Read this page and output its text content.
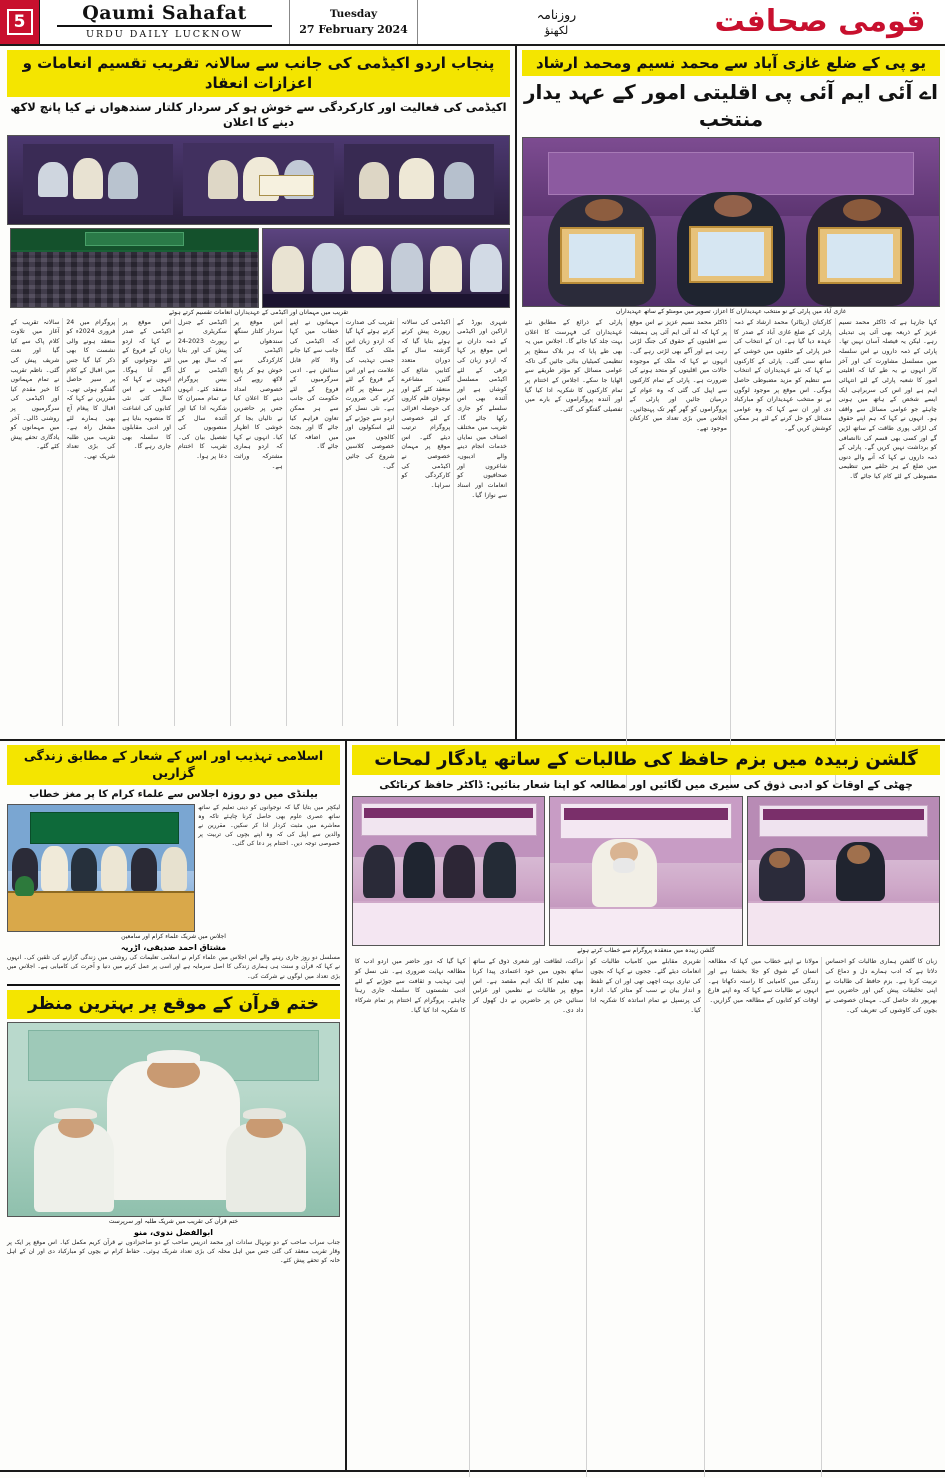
5	Qaumi Sahafat
URDU DAILY LUCKNOW
Tuesday
27 February 2024
روزنامہ
لکھنؤ	قومی صحافت
یو پی کے ضلع غازی آباد سے محمد نسیم ومحمد ارشاد
اے آئی ایم آئی پی اقلیتی امور کے عہد یدار منتخب
غازی آباد میں پارٹی کے نو منتخب عہدیداران کا اعزاز، تصویر میں مومنٹو کے ساتھ عہدیداران
کہا جارہا ہے کہ ڈاکٹر محمد نسیم عزیز کے ذریعہ بھی آئی پی تبدیلی رہے۔ لیکن یہ فیصلہ آسان نہیں تھا۔ پارٹی کے ذمہ داروں نے اس سلسلہ میں مسلسل مشاورت کی اور آخر کار انہوں نے یہ طے کیا کہ اقلیتی امور کا شعبہ پارٹی کے لئے انتہائی اہم ہے اور اس کی سربراہی ایک ایسے شخص کے ہاتھ میں ہونی چاہئے جو عوامی مسائل سے واقف ہو۔ انہوں نے کہا کہ ہم اپنے حقوق کی لڑائی پوری طاقت کے ساتھ لڑیں گے اور کسی بھی قسم کی ناانصافی کو برداشت نہیں کریں گے۔ پارٹی کے ذمہ داروں نے کہا کہ آنے والے دنوں میں ضلع کے ہر حلقے میں تنظیمی مضبوطی کے لئے کام کیا جائے گا۔
کارکنان (ریٹائر) محمد ارشاد کے ذمہ پارٹی کے ضلع غازی آباد کے صدر کا عہدہ دیا گیا ہے۔ ان کے انتخاب کی خبر پارٹی کے حلقوں میں خوشی کے ساتھ سنی گئی۔ پارٹی کے کارکنوں نے کہا کہ نئے عہدیداران کے انتخاب سے تنظیم کو مزید مضبوطی حاصل ہوگی۔ اس موقع پر موجود لوگوں نے نو منتخب عہدیداران کو مبارکباد دی اور ان سے کہا کہ وہ عوامی مسائل کو حل کرنے کے لئے ہر ممکن کوشش کریں گے۔
ڈاکٹر محمد نسیم عزیز نے اس موقع پر کہا کہ اے آئی ایم آئی پی ہمیشہ سے اقلیتوں کے حقوق کی جنگ لڑتی رہی ہے اور آگے بھی لڑتی رہے گی۔ انہوں نے کہا کہ ملک کے موجودہ حالات میں اقلیتوں کو متحد ہونے کی ضرورت ہے۔ پارٹی کے تمام کارکنوں سے اپیل کی گئی کہ وہ عوام کے درمیان جائیں اور پارٹی کے پروگراموں کو گھر گھر تک پہنچائیں۔ اجلاس میں بڑی تعداد میں کارکنان موجود تھے۔
پارٹی کے ذرائع کے مطابق نئے عہدیداران کی فہرست کا اعلان بہت جلد کیا جائے گا۔ اجلاس میں یہ بھی طے پایا کہ ہر بلاک سطح پر تنظیمی کمیٹیاں بنائی جائیں گی تاکہ عوامی مسائل کو مؤثر طریقے سے اٹھایا جا سکے۔ اجلاس کے اختتام پر تمام کارکنوں کا شکریہ ادا کیا گیا اور آئندہ پروگراموں کے بارے میں تفصیلی گفتگو کی گئی۔
پنجاب اردو اکیڈمی کی جانب سے سالانہ تقریب تقسیم انعامات و اعزازات انعقاد
اکیڈمی کی فعالیت اور کارکردگی سے خوش ہو کر سردار کلتار سندھواں نے کیا پانچ لاکھ دینے کا اعلان
تقریب میں مہمانان اور اکیڈمی کے عہدیداران انعامات تقسیم کرتے ہوئے
شہری بورڈ کے اراکین اور اکیڈمی کے ذمہ داران نے اس موقع پر کہا کہ اردو زبان کی ترقی کے لئے اکیڈمی مسلسل کوشاں ہے اور آئندہ بھی اس سلسلے کو جاری رکھا جائے گا۔ تقریب میں مختلف اصناف میں نمایاں خدمات انجام دینے والے ادیبوں، شاعروں اور صحافیوں کو انعامات اور اسناد سے نوازا گیا۔
اکیڈمی کی سالانہ رپورٹ پیش کرتے ہوئے بتایا گیا کہ گزشتہ سال کے دوران متعدد کتابیں شائع کی گئیں، مشاعرے منعقد کئے گئے اور نوجوان قلم کاروں کی حوصلہ افزائی کے لئے خصوصی پروگرام ترتیب دیئے گئے۔ اس موقع پر مہمان خصوصی نے اکیڈمی کی کارکردگی کو سراہا۔
تقریب کی صدارت کرتے ہوئے کہا گیا کہ اردو زبان اس ملک کی گنگا جمنی تہذیب کی علامت ہے اور اس کے فروغ کے لئے ہر سطح پر کام کرنے کی ضرورت ہے۔ نئی نسل کو اردو سے جوڑنے کے لئے اسکولوں اور کالجوں میں خصوصی کلاسیں شروع کی جائیں گی۔
مہمانوں نے اپنے خطاب میں کہا کہ اکیڈمی کی جانب سے کیا جانے والا کام قابل ستائش ہے۔ ادبی سرگرمیوں کے فروغ کے لئے حکومت کی جانب سے ہر ممکن تعاون فراہم کیا جائے گا اور بجٹ میں اضافہ کیا جائے گا۔
اس موقع پر سردار کلتار سنگھ سندھواں نے اکیڈمی کی کارکردگی سے خوش ہو کر پانچ لاکھ روپے کی خصوصی امداد دینے کا اعلان کیا جس پر حاضرین نے تالیاں بجا کر خوشی کا اظہار کیا۔ انہوں نے کہا کہ اردو ہماری مشترکہ وراثت ہے۔
اکیڈمی کے جنرل سکریٹری نے رپورٹ 2023-24 پیش کی اور بتایا کہ سال بھر میں اکیڈمی نے کل بیس پروگرام منعقد کئے۔ انہوں نے تمام ممبران کا شکریہ ادا کیا اور آئندہ سال کے منصوبوں کی تفصیل بیان کی۔ تقریب کا اختتام دعا پر ہوا۔
اس موقع پر اکیڈمی کے صدر نے کہا کہ اردو زبان کے فروغ کے لئے نوجوانوں کو آگے آنا ہوگا۔ انہوں نے کہا کہ اکیڈمی نے اس سال کئی نئی کتابوں کی اشاعت کا منصوبہ بنایا ہے اور ادبی مقابلوں کا سلسلہ بھی جاری رہے گا۔
پروگرام میں 24 فروری 2024ء کو منعقد ہونے والی نشست کا بھی ذکر کیا گیا جس میں اقبال کے کلام پر سیر حاصل گفتگو ہوئی تھی۔ مقررین نے کہا کہ اقبال کا پیغام آج بھی ہمارے لئے مشعل راہ ہے۔ تقریب میں طلبہ کی بڑی تعداد شریک تھی۔
سالانہ تقریب کے آغاز میں تلاوت کلام پاک سے کیا گیا اور نعت شریف پیش کی گئی۔ ناظم تقریب نے تمام مہمانوں کا خیر مقدم کیا اور اکیڈمی کی سرگرمیوں پر روشنی ڈالی۔ آخر میں مہمانوں کو یادگاری تحفے پیش کئے گئے۔
گلشن زبیدہ میں بزم حافظ کی طالبات کے ساتھ یادگار لمحات
چھٹی کے اوقات کو ادبی ذوق کی سیری میں لگائیں اور مطالعہ کو اپنا شعار بنائیں: ڈاکٹر حافظ کرناٹکی
گلشن زبیدہ میں منعقدہ پروگرام سے خطاب کرتے ہوئے
زبان کا گلشن ہماری طالبات کو احساس دلاتا ہے کہ ادب ہمارے دل و دماغ کی تربیت کرتا ہے۔ بزم حافظ کی طالبات نے اپنی تخلیقات پیش کیں اور حاضرین سے بھرپور داد حاصل کی۔ مہمان خصوصی نے بچوں کی کاوشوں کی تعریف کی۔
مولانا نے اپنے خطاب میں کہا کہ مطالعہ انسان کے شوق کو جلا بخشتا ہے اور زندگی میں کامیابی کا راستہ دکھاتا ہے۔ انہوں نے طالبات سے کہا کہ وہ اپنے فارغ اوقات کو کتابوں کے مطالعہ میں گزاریں۔
تقریری مقابلے میں کامیاب طالبات کو انعامات دیئے گئے۔ ججوں نے کہا کہ بچوں کی تیاری بہت اچھی تھی اور ان کے تلفظ و انداز بیان نے سب کو متاثر کیا۔ ادارہ کی پرنسپل نے تمام اساتذہ کا شکریہ ادا کیا۔
نزاکت، لطافت اور شعری ذوق کے ساتھ ساتھ بچوں میں خود اعتمادی پیدا کرنا بھی تعلیم کا ایک اہم مقصد ہے۔ اس موقع پر طالبات نے نظمیں اور غزلیں سنائیں جن پر حاضرین نے دل کھول کر داد دی۔
کہا گیا کہ دور حاضر میں اردو ادب کا مطالعہ نہایت ضروری ہے۔ نئی نسل کو اپنی تہذیب و ثقافت سے جوڑنے کے لئے ادبی نشستوں کا سلسلہ جاری رہنا چاہئے۔ پروگرام کے اختتام پر تمام شرکاء کا شکریہ ادا کیا گیا۔
اسلامی تہذیب اور اس کے شعار کے مطابق زندگی گزاریں
بیلنڈی میں دو روزہ اجلاس سے علماء کرام کا پر مغز خطاب
لیکچر میں بتایا گیا کہ نوجوانوں کو دینی تعلیم کے ساتھ ساتھ عصری علوم بھی حاصل کرنا چاہئے تاکہ وہ معاشرے میں مثبت کردار ادا کر سکیں۔ مقررین نے والدین سے اپیل کی کہ وہ اپنے بچوں کی تربیت پر خصوصی توجہ دیں۔ اختتام پر دعا کی گئی۔
اجلاس میں شریک علماء کرام اور سامعین
مشتاق احمد صدیقی، اڑریہ
مسلسل دو روز جاری رہنے والے اس اجلاس میں علماء کرام نے اسلامی تعلیمات کی روشنی میں زندگی گزارنے کی تلقین کی۔ انہوں نے کہا کہ قرآن و سنت ہی ہماری زندگی کا اصل سرمایہ ہے اور اسی پر عمل کرنے میں دنیا و آخرت کی کامیابی ہے۔ اجلاس میں بڑی تعداد میں لوگوں نے شرکت کی۔
ختم قرآن کے موقع پر بہترین منظر
ختم قرآن کی تقریب میں شریک طلبہ اور سرپرست
ابوالفضل ندوی، منو
جناب سراب صاحب کے دو نونہال سادات اور محمد ادریس صاحب کے دو صاحبزادوں نے قرآن کریم مکمل کیا۔ اس موقع پر ایک پر وقار تقریب منعقد کی گئی جس میں اہل محلہ کی بڑی تعداد شریک ہوئی۔ حفاظ کرام نے بچوں کو مبارکباد دی اور ان کے اہل خانہ کو تحفے پیش کئے۔
